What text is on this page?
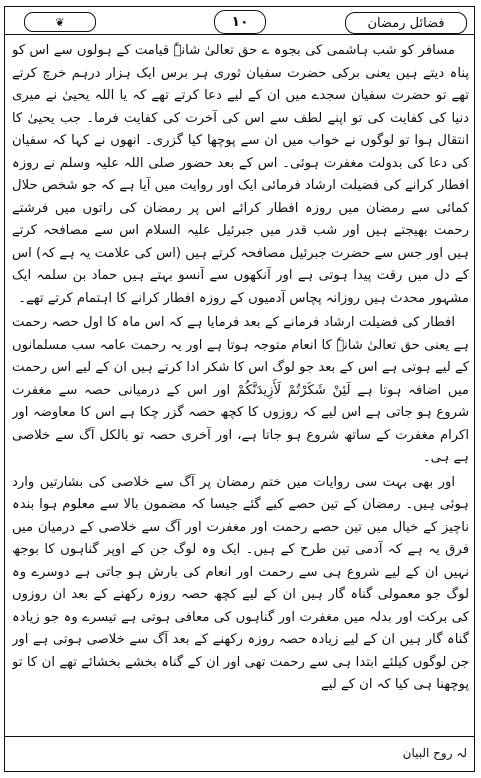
❦	۱۰	فضائل رمضان

مسافر کو شب ہاشمی کی بجوہ ے حق تعالیٰ شانہٗ قیامت کے ہولوں سے اس کو پناہ دیتے ہیں یعنی برکی حضرت سفیان ثوری ہر برس ایک ہزار درہم خرچ کرتے تھے تو حضرت سفیان سجدے میں ان کے لیے دعا کرتے تھے کہ یا اللہ یحییٰ نے میری دنیا کی کفایت کی تو اپنے لطف سے اس کی آخرت کی کفایت فرما۔ جب یحییٰ کا انتقال ہوا تو لوگوں نے خواب میں ان سے پوچھا کیا گزری۔ انھوں نے کہا کہ سفیان کی دعا کی بدولت مغفرت ہوئی۔ اس کے بعد حضور صلی اللہ علیہ وسلم نے روزہ افطار کرانے کی فضیلت ارشاد فرمائی ایک اور روایت میں آیا ہے کہ جو شخص حلال کمائی سے رمضان میں روزہ افطار کرائے اس پر رمضان کی راتوں میں فرشتے رحمت بھیجتے ہیں اور شب قدر میں جبرئیل علیہ السلام اس سے مصافحہ کرتے ہیں اور جس سے حضرت جبرئیل مصافحہ کرتے ہیں (اس کی علامت یہ ہے کہ) اس کے دل میں رقت پیدا ہوتی ہے اور آنکھوں سے آنسو بہتے ہیں حماد بن سلمہ ایک مشہور محدث ہیں روزانہ پچاس آدمیوں کے روزہ افطار کرانے کا اہتمام کرتے تھے۔

افطار کی فضیلت ارشاد فرمانے کے بعد فرمایا ہے کہ اس ماہ کا اول حصہ رحمت ہے یعنی حق تعالیٰ شانہٗ کا انعام متوجہ ہوتا ہے اور یہ رحمت عامہ سب مسلمانوں کے لیے ہوتی ہے اس کے بعد جو لوگ اس کا شکر ادا کرتے ہیں ان کے لیے اس رحمت میں اضافہ ہوتا ہے لَئِنْ شَكَرْتُمْ لَأَزِيدَنَّكُمْ اور اس کے درمیانی حصہ سے مغفرت شروع ہو جاتی ہے اس لیے کہ روزوں کا کچھ حصہ گزر چکا ہے اس کا معاوضہ اور اکرام مغفرت کے ساتھ شروع ہو جاتا ہے، اور آخری حصہ تو بالکل آگ سے خلاصی ہے ہی۔

اور بھی بہت سی روایات میں ختم رمضان پر آگ سے خلاصی کی بشارتیں وارد ہوئی ہیں۔ رمضان کے تین حصے کیے گئے جیسا کہ مضمون بالا سے معلوم ہوا بندہ ناچیز کے خیال میں تین حصے رحمت اور مغفرت اور آگ سے خلاصی کے درمیان میں فرق یہ ہے کہ آدمی تین طرح کے ہیں۔ ایک وہ لوگ جن کے اوپر گناہوں کا بوجھ نہیں ان کے لیے شروع ہی سے رحمت اور انعام کی بارش ہو جاتی ہے دوسرے وہ لوگ جو معمولی گناہ گار ہیں ان کے لیے کچھ حصہ روزہ رکھنے کے بعد ان روزوں کی برکت اور بدلہ میں مغفرت اور گناہوں کی معافی ہوتی ہے تیسرے وہ جو زیادہ گناہ گار ہیں ان کے لیے زیادہ حصہ روزہ رکھنے کے بعد آگ سے خلاصی ہوتی ہے اور جن لوگوں کیلئے ابتدا ہی سے رحمت تھی اور ان کے گناہ بخشے بخشائے تھے ان کا تو پوچھنا ہی کیا کہ ان کے لیے

لہ روح البیان
